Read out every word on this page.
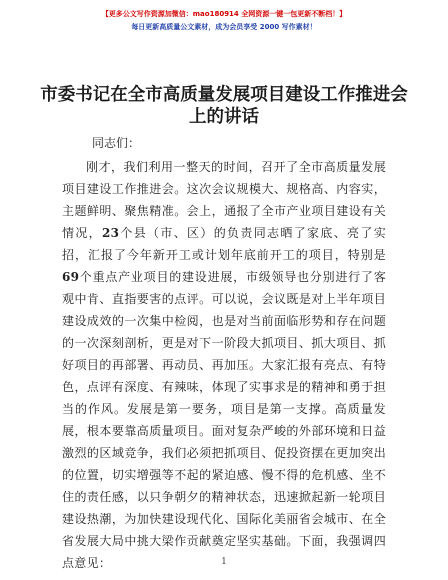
【更多公文写作资源加微信：mao180914 全网资源一键一包更新不断档！】
每日更新高质量公文素材，成为会员享受 2000 写作素材！
市委书记在全市高质量发展项目建设工作推进会上的讲话
同志们：
刚才，我们利用一整天的时间，召开了全市高质量发展项目建设工作推进会。这次会议规模大、规格高、内容实，主题鲜明、聚焦精准。会上，通报了全市产业项目建设有关情况，23个县（市、区）的负责同志晒了家底、亮了实招，汇报了今年新开工或计划年底前开工的项目，特别是69个重点产业项目的建设进展，市级领导也分别进行了客观中肯、直指要害的点评。可以说，会议既是对上半年项目建设成效的一次集中检阅，也是对当前面临形势和存在问题的一次深刻剖析，更是对下一阶段大抓项目、抓大项目、抓好项目的再部署、再动员、再加压。大家汇报有亮点、有特色，点评有深度、有辣味，体现了实事求是的精神和勇于担当的作风。发展是第一要务，项目是第一支撑。高质量发展，根本要靠高质量项目。面对复杂严峻的外部环境和日益激烈的区域竞争，我们必须把抓项目、促投资摆在更加突出的位置，切实增强等不起的紧迫感、慢不得的危机感、坐不住的责任感，以只争朝夕的精神状态，迅速掀起新一轮项目建设热潮，为加快建设现代化、国际化美丽省会城市、在全省发展大局中挑大梁作贡献奠定坚实基础。下面，我强调四点意见：	1
